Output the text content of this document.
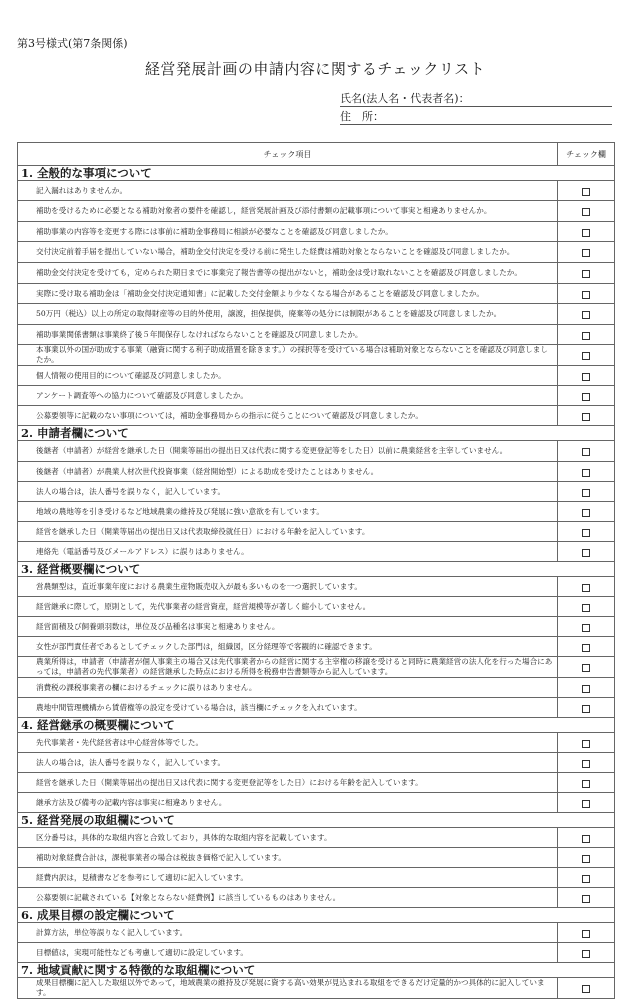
第3号様式(第7条関係)
経営発展計画の申請内容に関するチェックリスト
氏名(法人名・代表者名)：
住　所：
チェック項目	チェック欄
1. 全般的な事項について	
記入漏れはありませんか。	
補助を受けるために必要となる補助対象者の要件を確認し，経営発展計画及び添付書類の記載事項について事実と相違ありませんか。	
補助事業の内容等を変更する際には事前に補助金事務局に相談が必要なことを確認及び同意しましたか。	
交付決定前着手届を提出していない場合，補助金交付決定を受ける前に発生した経費は補助対象とならないことを確認及び同意しましたか。	
補助金交付決定を受けても，定められた期日までに事業完了報告書等の提出がないと，補助金は受け取れないことを確認及び同意しましたか。	
実際に受け取る補助金は「補助金交付決定通知書」に記載した交付金額より少なくなる場合があることを確認及び同意しましたか。	
50万円（税込）以上の所定の取得財産等の目的外使用，譲渡，担保提供，廃棄等の処分には制限があることを確認及び同意しましたか。	
補助事業関係書類は事業終了後５年間保存しなければならないことを確認及び同意しましたか。	
本事業以外の国が助成する事業（融資に関する利子助成措置を除きます。）の採択等を受けている場合は補助対象とならないことを確認及び同意しましたか。	
個人情報の使用目的について確認及び同意しましたか。	
アンケート調査等への協力について確認及び同意しましたか。	
公募要領等に記載のない事項については，補助金事務局からの指示に従うことについて確認及び同意しましたか。	
2. 申請者欄について	
後継者（申請者）が経営を継承した日（開業等届出の提出日又は代表に関する変更登記等をした日）以前に農業経営を主宰していません。	
後継者（申請者）が農業人材次世代投資事業（経営開始型）による助成を受けたことはありません。	
法人の場合は，法人番号を誤りなく，記入しています。	
地域の農地等を引き受けるなど地域農業の維持及び発展に強い意欲を有しています。	
経営を継承した日（開業等届出の提出日又は代表取締役就任日）における年齢を記入しています。	
連絡先（電話番号及びメールアドレス）に誤りはありません。	
3. 経営概要欄について	
営農類型は，直近事業年度における農業生産物販売収入が最も多いものを一つ選択しています。	
経営継承に際して，原則として，先代事業者の経営資産，経営規模等が著しく縮小していません。	
経営面積及び飼養頭羽数は，単位及び品種名は事実と相違ありません。	
女性が部門責任者であるとしてチェックした部門は，組織図，区分経理等で客観的に確認できます。	
農業所得は，申請者（申請者が個人事業主の場合又は先代事業者からの経営に関する主宰権の移譲を受けると同時に農業経営の法人化を行った場合にあっては，申請者の先代事業者）の経営継承した時点における所得を税務申告書類等から記入しています。	
消費税の課税事業者の欄におけるチェックに誤りはありません。	
農地中間管理機構から賃借権等の設定を受けている場合は，該当欄にチェックを入れています。	
4. 経営継承の概要欄について	
先代事業者・先代経営者は中心経営体等でした。	
法人の場合は，法人番号を誤りなく，記入しています。	
経営を継承した日（開業等届出の提出日又は代表に関する変更登記等をした日）における年齢を記入しています。	
継承方法及び備考の記載内容は事実に相違ありません。	
5. 経営発展の取組欄について	
区分番号は，具体的な取組内容と合致しており，具体的な取組内容を記載しています。	
補助対象経費合計は，課税事業者の場合は税抜き価格で記入しています。	
経費内訳は，見積書などを参考にして適切に記入しています。	
公募要領に記載されている【対象とならない経費例】に該当しているものはありません。	
6. 成果目標の設定欄について	
計算方法，単位等誤りなく記入しています。	
目標値は，実現可能性なども考慮して適切に設定しています。	
7. 地域貢献に関する特徴的な取組欄について	
成果目標欄に記入した取組以外であって，地域農業の維持及び発展に資する高い効果が見込まれる取組をできるだけ定量的かつ具体的に記入しています。	
